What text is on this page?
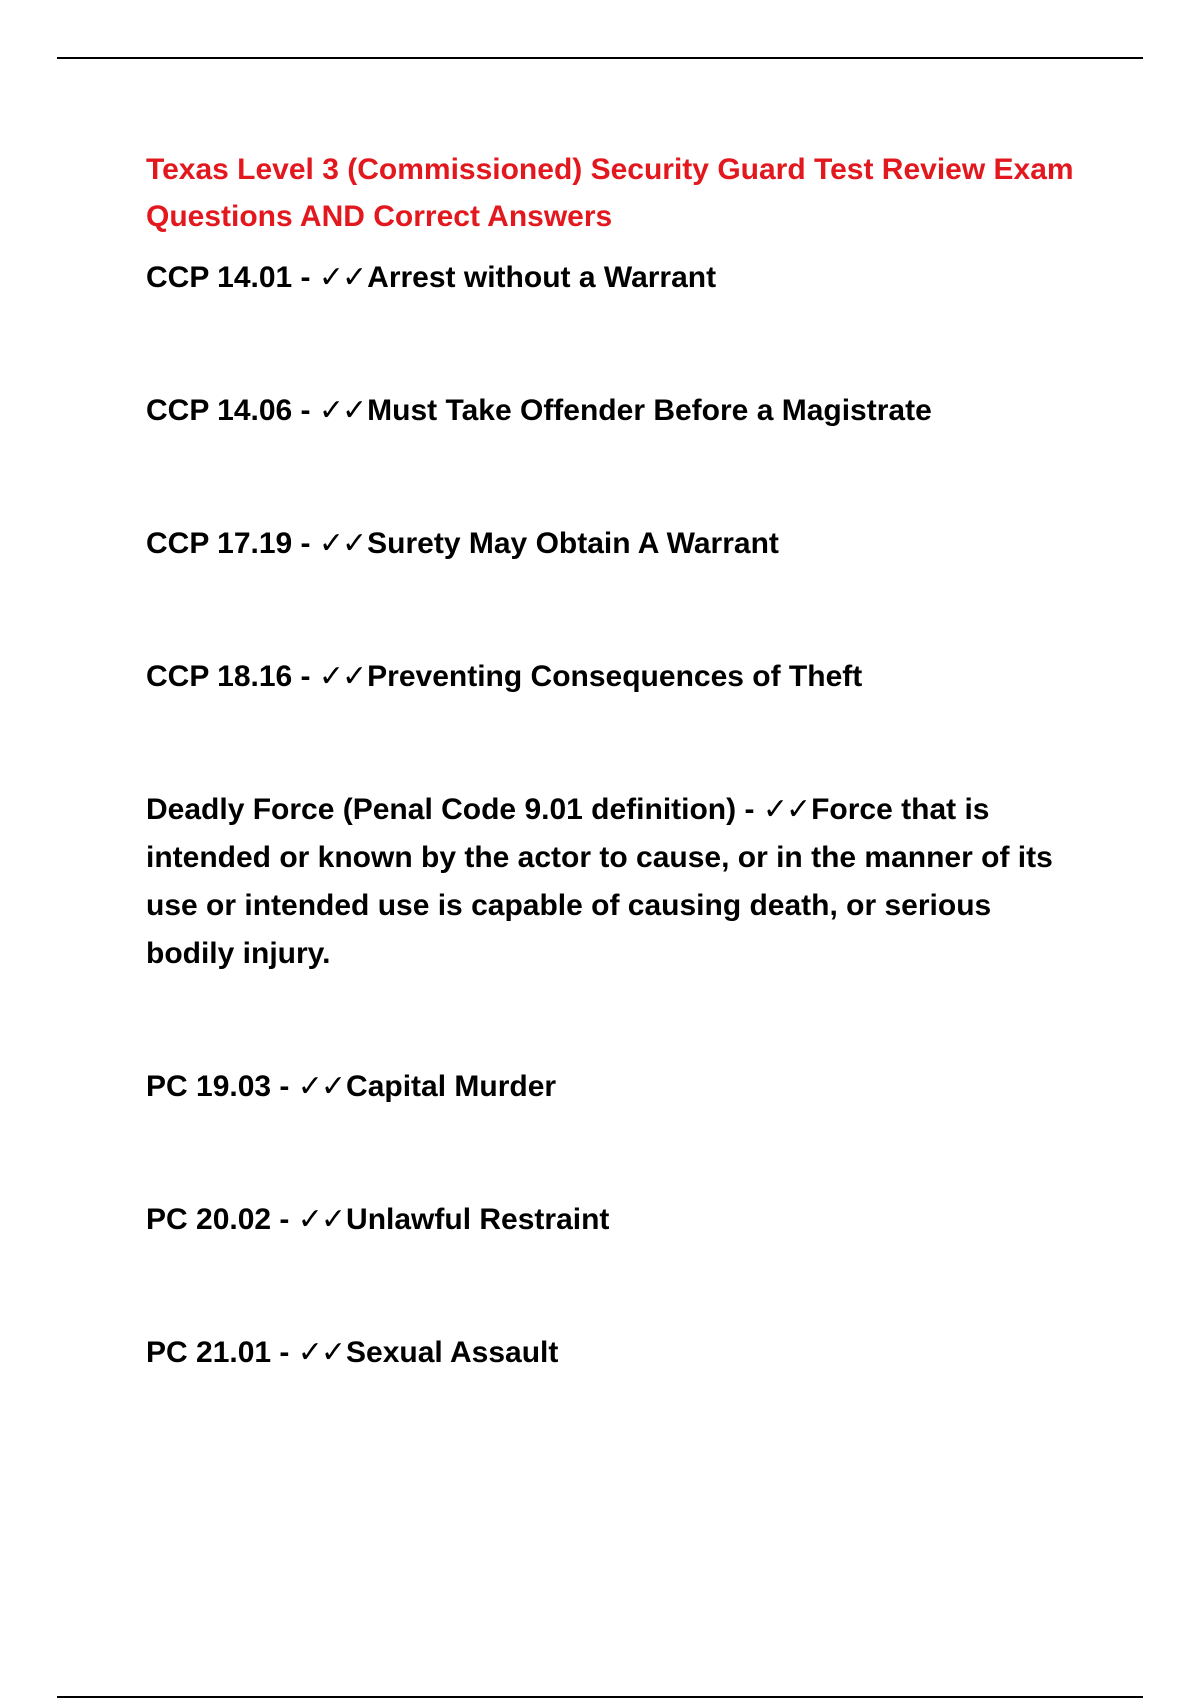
Texas Level 3 (Commissioned) Security Guard Test Review Exam Questions AND Correct Answers
CCP 14.01 - ✓✓Arrest without a Warrant
CCP 14.06 - ✓✓Must Take Offender Before a Magistrate
CCP 17.19 - ✓✓Surety May Obtain A Warrant
CCP 18.16 - ✓✓Preventing Consequences of Theft
Deadly Force (Penal Code 9.01 definition) - ✓✓Force that is intended or known by the actor to cause, or in the manner of its use or intended use is capable of causing death, or serious bodily injury.
PC 19.03 - ✓✓Capital Murder
PC 20.02 - ✓✓Unlawful Restraint
PC 21.01 - ✓✓Sexual Assault
